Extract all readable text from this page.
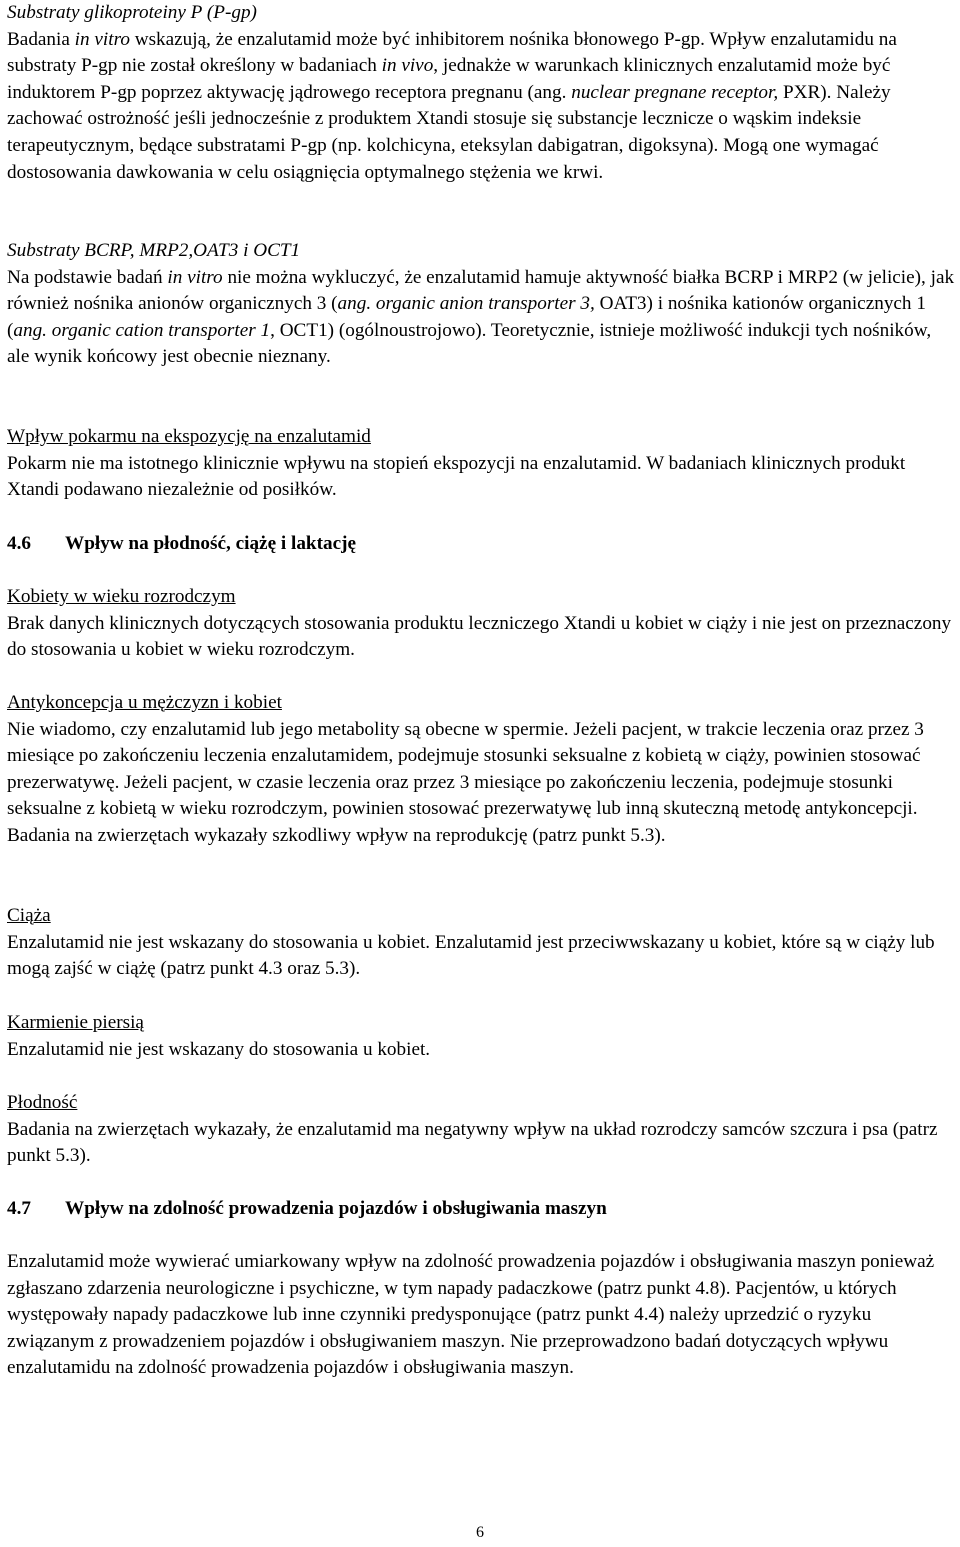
Substraty glikoproteiny P (P-gp)

Badania in vitro wskazują, że enzalutamid może być inhibitorem nośnika błonowego P-gp. Wpływ enzalutamidu na substraty P-gp nie został określony w badaniach in vivo, jednakże w warunkach klinicznych enzalutamid może być induktorem P-gp poprzez aktywację jądrowego receptora pregnanu (ang. nuclear pregnane receptor, PXR). Należy zachować ostrożność jeśli jednocześnie z produktem Xtandi stosuje się substancje lecznicze o wąskim indeksie terapeutycznym, będące substratami P-gp (np. kolchicyna, eteksylan dabigatran, digoksyna). Mogą one wymagać dostosowania dawkowania w celu osiągnięcia optymalnego stężenia we krwi.

Substraty BCRP, MRP2,OAT3 i OCT1

Na podstawie badań in vitro nie można wykluczyć, że enzalutamid hamuje aktywność białka BCRP i MRP2 (w jelicie), jak również nośnika anionów organicznych 3 (ang. organic anion transporter 3, OAT3) i nośnika kationów organicznych 1 (ang. organic cation transporter 1, OCT1) (ogólnoustrojowo). Teoretycznie, istnieje możliwość indukcji tych nośników, ale wynik końcowy jest obecnie nieznany.

Wpływ pokarmu na ekspozycję na enzalutamid

Pokarm nie ma istotnego klinicznie wpływu na stopień ekspozycji na enzalutamid. W badaniach klinicznych produkt Xtandi podawano niezależnie od posiłków.

4.6 Wpływ na płodność, ciążę i laktację

Kobiety w wieku rozrodczym

Brak danych klinicznych dotyczących stosowania produktu leczniczego Xtandi u kobiet w ciąży i nie jest on przeznaczony do stosowania u kobiet w wieku rozrodczym.

Antykoncepcja u mężczyzn i kobiet

Nie wiadomo, czy enzalutamid lub jego metabolity są obecne w spermie. Jeżeli pacjent, w trakcie leczenia oraz przez 3 miesiące po zakończeniu leczenia enzalutamidem, podejmuje stosunki seksualne z kobietą w ciąży, powinien stosować prezerwatywę. Jeżeli pacjent, w czasie leczenia oraz przez 3 miesiące po zakończeniu leczenia, podejmuje stosunki seksualne z kobietą w wieku rozrodczym, powinien stosować prezerwatywę lub inną skuteczną metodę antykoncepcji. Badania na zwierzętach wykazały szkodliwy wpływ na reprodukcję (patrz punkt 5.3).

Ciąża

Enzalutamid nie jest wskazany do stosowania u kobiet. Enzalutamid jest przeciwwskazany u kobiet, które są w ciąży lub mogą zajść w ciążę (patrz punkt 4.3 oraz 5.3).

Karmienie piersią

Enzalutamid nie jest wskazany do stosowania u kobiet.

Płodność

Badania na zwierzętach wykazały, że enzalutamid ma negatywny wpływ na układ rozrodczy samców szczura i psa (patrz punkt 5.3).

4.7 Wpływ na zdolność prowadzenia pojazdów i obsługiwania maszyn

Enzalutamid może wywierać umiarkowany wpływ na zdolność prowadzenia pojazdów i obsługiwania maszyn ponieważ zgłaszano zdarzenia neurologiczne i psychiczne, w tym napady padaczkowe (patrz punkt 4.8). Pacjentów, u których występowały napady padaczkowe lub inne czynniki predysponujące (patrz punkt 4.4) należy uprzedzić o ryzyku związanym z prowadzeniem pojazdów i obsługiwaniem maszyn. Nie przeprowadzono badań dotyczących wpływu enzalutamidu na zdolność prowadzenia pojazdów i obsługiwania maszyn.

6
